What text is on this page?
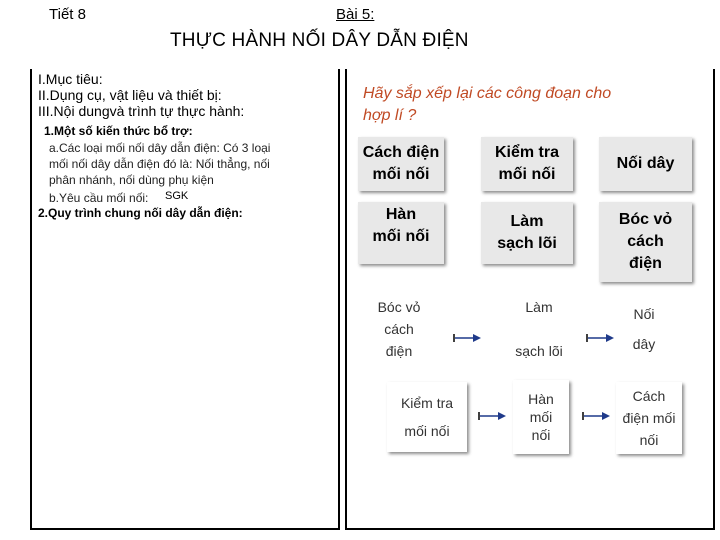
Tiết 8	Bài 5:
THỰC HÀNH NỐI DÂY DẪN ĐIỆN
I.Mục tiêu:
II.Dụng cụ, vật liệu và thiết bị:
III.Nội dungvà trình tự thực hành:
1.Một số kiến thức bổ trợ:
a.Các loại mối nối dây dẫn điện: Có 3 loại
mối nối dây dẫn điện đó là: Nối thẳng, nối
phân nhánh, nối dùng phụ kiện
b.Yêu cầu mối nối: SGK
2.Quy trình chung nối dây dẫn điện:
Hãy sắp xếp lại các công đoạn cho
hợp lí ?
Cách điện
mối nối
Kiểm tra
mối nối
Nối dây
Hàn
mối nối
Làm
sạch lõi
Bóc vỏ
cách
điện
Bóc vỏ
cách
điện
Làm
sạch lõi
Nối
dây
Kiểm tra
mối nối
Hàn
mối
nối
Cách
điện mối
nối
